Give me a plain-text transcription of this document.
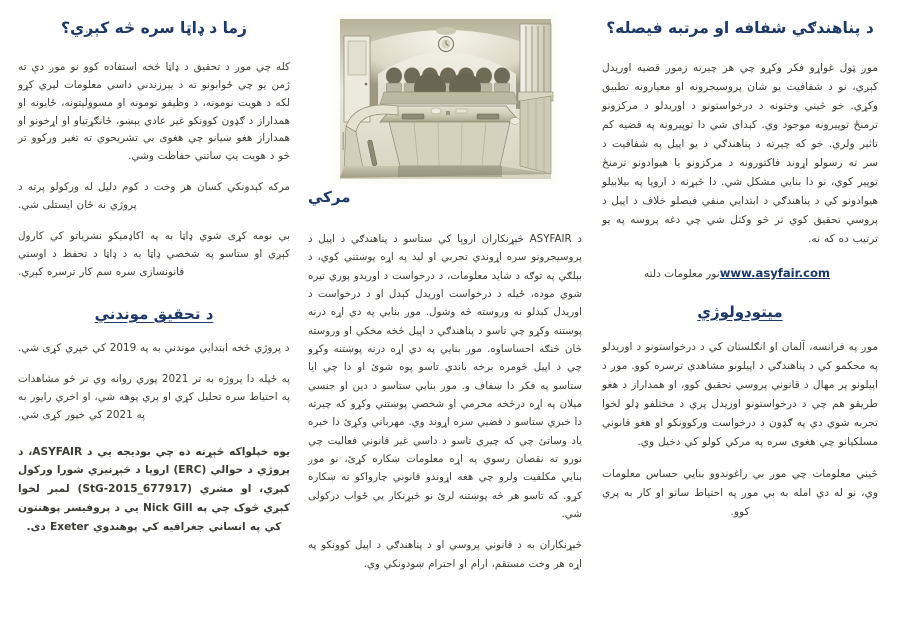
د پناهندګي شفافه او مرتبه فیصله؟

موږ ټول غواړو فکر وکړو چي هر چیرته زموږ قضیه اوریدل کېږي، نو د شفافیت يو شان پروسیجرونه او معیارونه تطبیق وکړي. خو څیني وختونه د درخواستونو د اوریدلو د مرکزونو ترمنځ توپیرونه موجود وي. کېدای شي دا توپیرونه په قضیه کم تاثیر ولري. خو که چیرته د پناهندګي د يو اپیل په شفافیت د سر ته رسولو اړوند فاکتورونه د مرکزونو يا هیوادونو ترمنځ توپیر کوي، نو دا بنایي مشکل شي. دا څېړنه د اروپا په بیلابیلو هیوادونو کي د پناهندګي د ابتدايي منفي فیصلو خلاف د اپیل د پروسي تحقیق کوي تر څو وکتل شي چي دغه پروسه په يو ترتیب ده که نه.

www.asyfair.comنور معلومات دلته
میتودولوژي

موږ په فرانسه، آلمان او انګلستان کي د درخواستونو د اوریدلو په محکمو کي د پناهندګي د اپیلونو مشاهدي ترسره کوو. موږ د اپیلونو پر مهال د قانوني پروسي تحقیق کوو، او همداراز د هغو طریقو هم چي د درخواستونو اوریدل پري د مختلفو ډلو لخوا تجربه شوي دي په ګډون د درخواست ورکوونکو او هغو قانوني مسلکیانو چي هغوی سره په مرکي کولو کي دخیل وي.

څیني معلومات چي موږ بي راغوندوو بنایي حساس معلومات وي، نو له دي امله به بي موږ په احتیاط ساتو او کار به پري کوو.

مرکي

د ASYFAIR څېړنکاران اروپا کي ستاسو د پناهندګي د اپیل د پروسیجرونو سره اړوندي تجربي او لید په اړه پوښتني کوي، د بېلګي په توګه د شاید معلومات، د درخواست د اوریدو پوري تیره شوي موده، ځیله د درخواست اوریدل کېدل او د درخواست د اوریدل کېدلو نه وروسته څه وشول. موږ بنایي په دي اړه درنه پوښتنه وکړو چي تاسو د پناهندګي د اپیل څخه مخکي او وروسته څان څنګه احساساوه. موږ بنایي په دي اړه درنه پوښتنه وکړو چي د اپیل څومره برخه باندي تاسو پوه شوئ او دا چي ايا ستاسو په فکر دا ښفاف و. موږ بنایي ستاسو د دین او جنسي میلان په اړه درڅخه محرمي او شخصي پوښتني وکړو که چیرته دا خبري ستاسو د قضیي سره اړوند وي. مهرباني وکړئ دا خبره ياد وساتئ چي که چیري تاسو د داسي غیر قانوني فعالیت چي نورو ته نقصان رسوي په اړه معلومات ښکاره کړئ، نو موږ بنایي مکلفیت ولرو چي هغه اړوندو قانوني چارواکو ته ښکاره کړو. که تاسو هر څه پوښتنه لرئ نو څېړنکار يي ځواب درکولی شي.

څېړنکاران به د قانوني پروسي او د پناهندګي د اپیل کوونکو په اړه هر وخت مستقم، ارام او احترام ښودونکي وي.

زما د ډاټا سره څه کېږي؟

کله چي موږ د تحقیق د ډاټا څخه استفاده کوو نو موږ دې ته ژمن يو چي ځوابونو ته د يېرزندني داسي معلومات لیري کړو لکه د هويت نومونه، د وظیفو نومونه او مسوولیتونه، ځايونه او همداراز د ګډون کوونکو غیر عادي يېښو، ځانګړتیاو او اړخونو او همداراز هغو ښیانو چي هغوی بي تشریحوي ته تغیر ورکوو تر څو د هويت یټ ساتني حفاظت وشي.

مرکه کېدونکي کسان هر وخت د کوم دلیل له ورکولو پرته د پروژي نه ځان ایستلی شي.

بي نومه کړی شوي ډاټا به په اکاډمیکو نشریاتو کي کارول کېږي او ستاسو په شخصي ډاټا به د ډاټا د تحفظ د اوسني قانونسازی سره سم کار ترسره کېږي.

د تحقیق موندني

د پروژي څخه ابتدایي موندني به په 2019 کي خپري کړی شي.

په ځپله دا پروژه به تر 2021 پوري روانه وي تر څو مشاهدات په احتیاط سره تحلیل کړي او پري پوهه شي، او اخري رايور به په 2021 کي خپور کړی شي.

يوه خپلواکه څېړنه ده چي بودیجه يي د ASYFAIR، د پروژي د حوالي (ERC) اروپا د څېړنیزي شورا ورکول کېږي، او مشري (StG-2015_677917) لمبر لخوا کېږي څوک چي په Nick Gill يي د پروفیسر پوهنتون کي په انساني جغرافیه کي پوهندوي Exeter دی.
